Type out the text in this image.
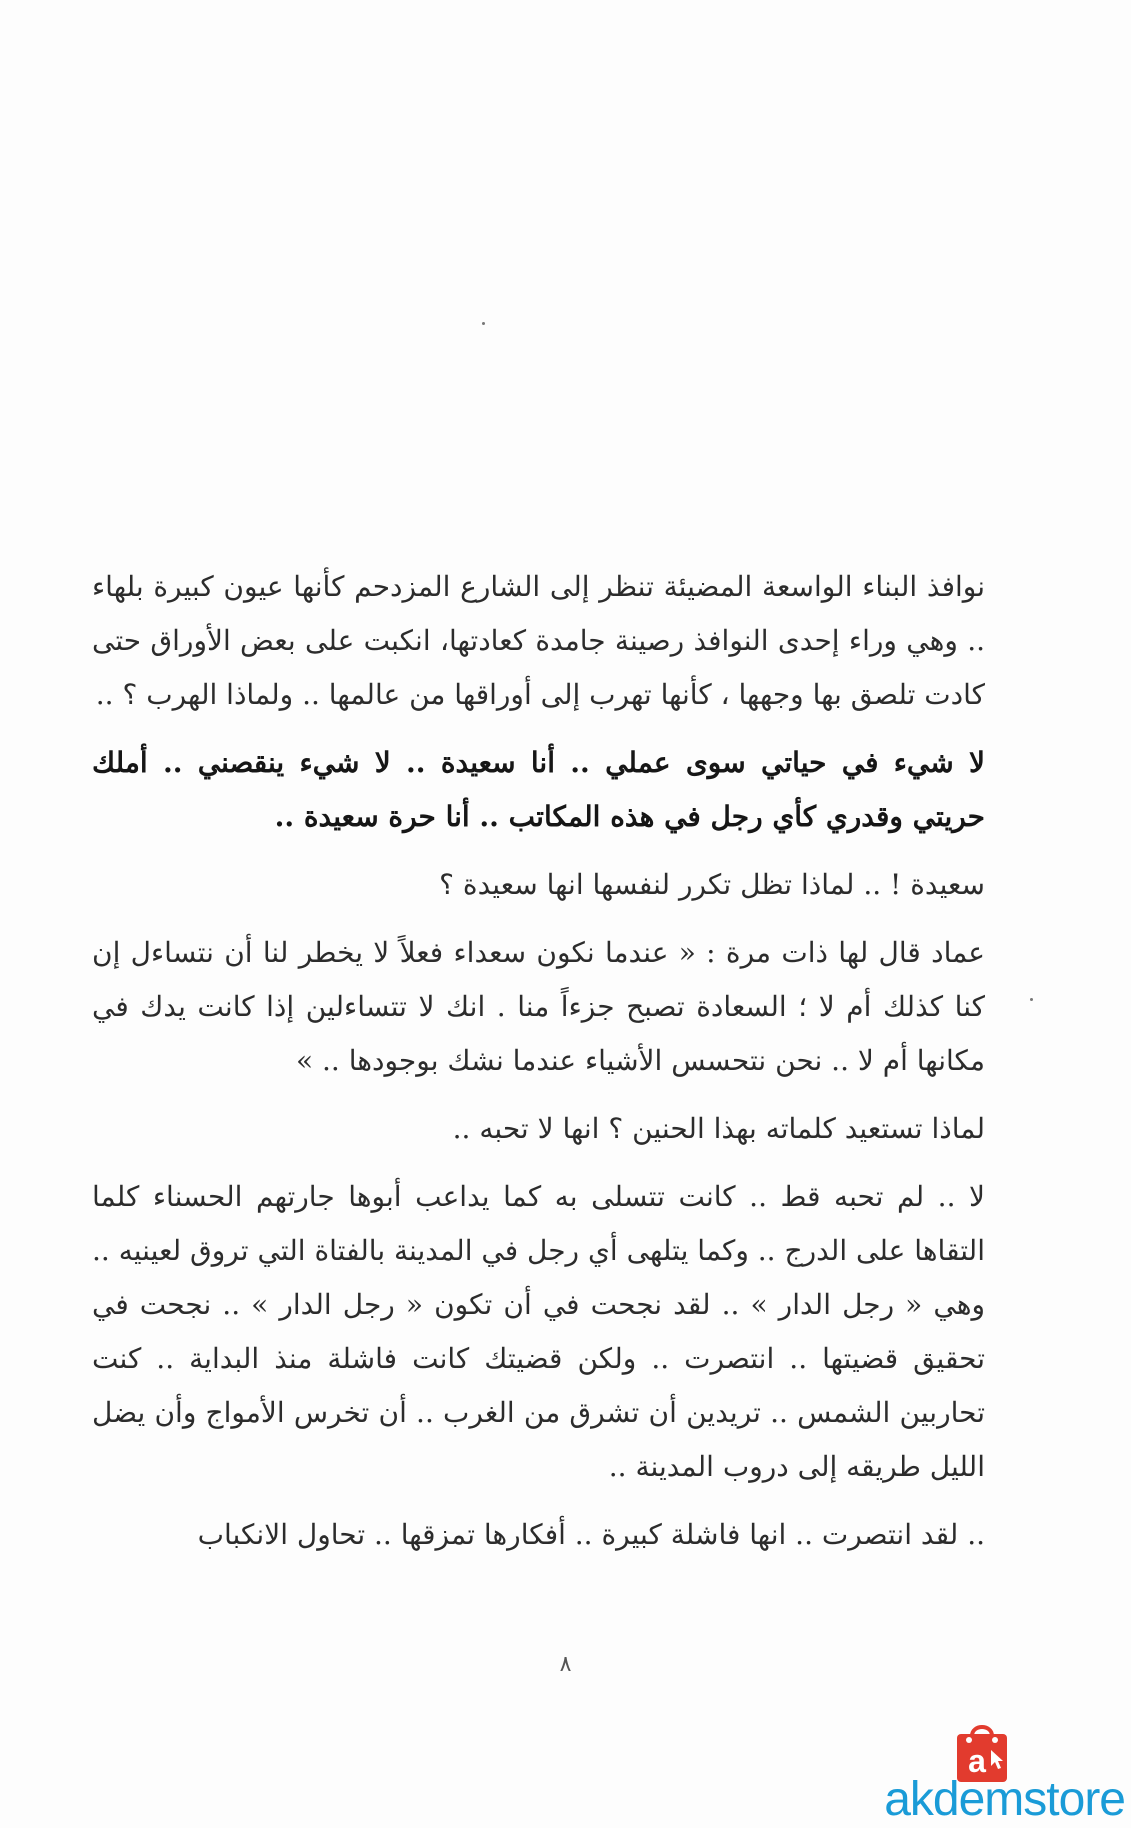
نوافذ البناء الواسعة المضيئة تنظر إلى الشارع المزدحم كأنها عيون كبيرة بلهاء .. وهي وراء إحدى النوافذ رصينة جامدة كعادتها، انكبت على بعض الأوراق حتى كادت تلصق بها وجهها ، كأنها تهرب إلى أوراقها من عالمها .. ولماذا الهرب ؟ ..

لا شيء في حياتي سوى عملي .. أنا سعيدة .. لا شيء ينقصني .. أملك حريتي وقدري كأي رجل في هذه المكاتب .. أنا حرة سعيدة ..

سعيدة ! .. لماذا تظل تكرر لنفسها انها سعيدة ؟

عماد قال لها ذات مرة : « عندما نكون سعداء فعلاً لا يخطر لنا أن نتساءل إن كنا كذلك أم لا ؛ السعادة تصبح جزءاً منا . انك لا تتساءلين إذا كانت يدك في مكانها أم لا .. نحن نتحسس الأشياء عندما نشك بوجودها .. »

لماذا تستعيد كلماته بهذا الحنين ؟ انها لا تحبه ..

لا .. لم تحبه قط .. كانت تتسلى به كما يداعب أبوها جارتهم الحسناء كلما التقاها على الدرج .. وكما يتلهى أي رجل في المدينة بالفتاة التي تروق لعينيه .. وهي « رجل الدار » .. لقد نجحت في أن تكون « رجل الدار » .. نجحت في تحقيق قضيتها .. انتصرت .. ولكن قضيتك كانت فاشلة منذ البداية .. كنت تحاربين الشمس .. تريدين أن تشرق من الغرب .. أن تخرس الأمواج وأن يضل الليل طريقه إلى دروب المدينة ..

.. لقد انتصرت .. انها فاشلة كبيرة .. أفكارها تمزقها .. تحاول الانكباب

٨
a
akdemstore
